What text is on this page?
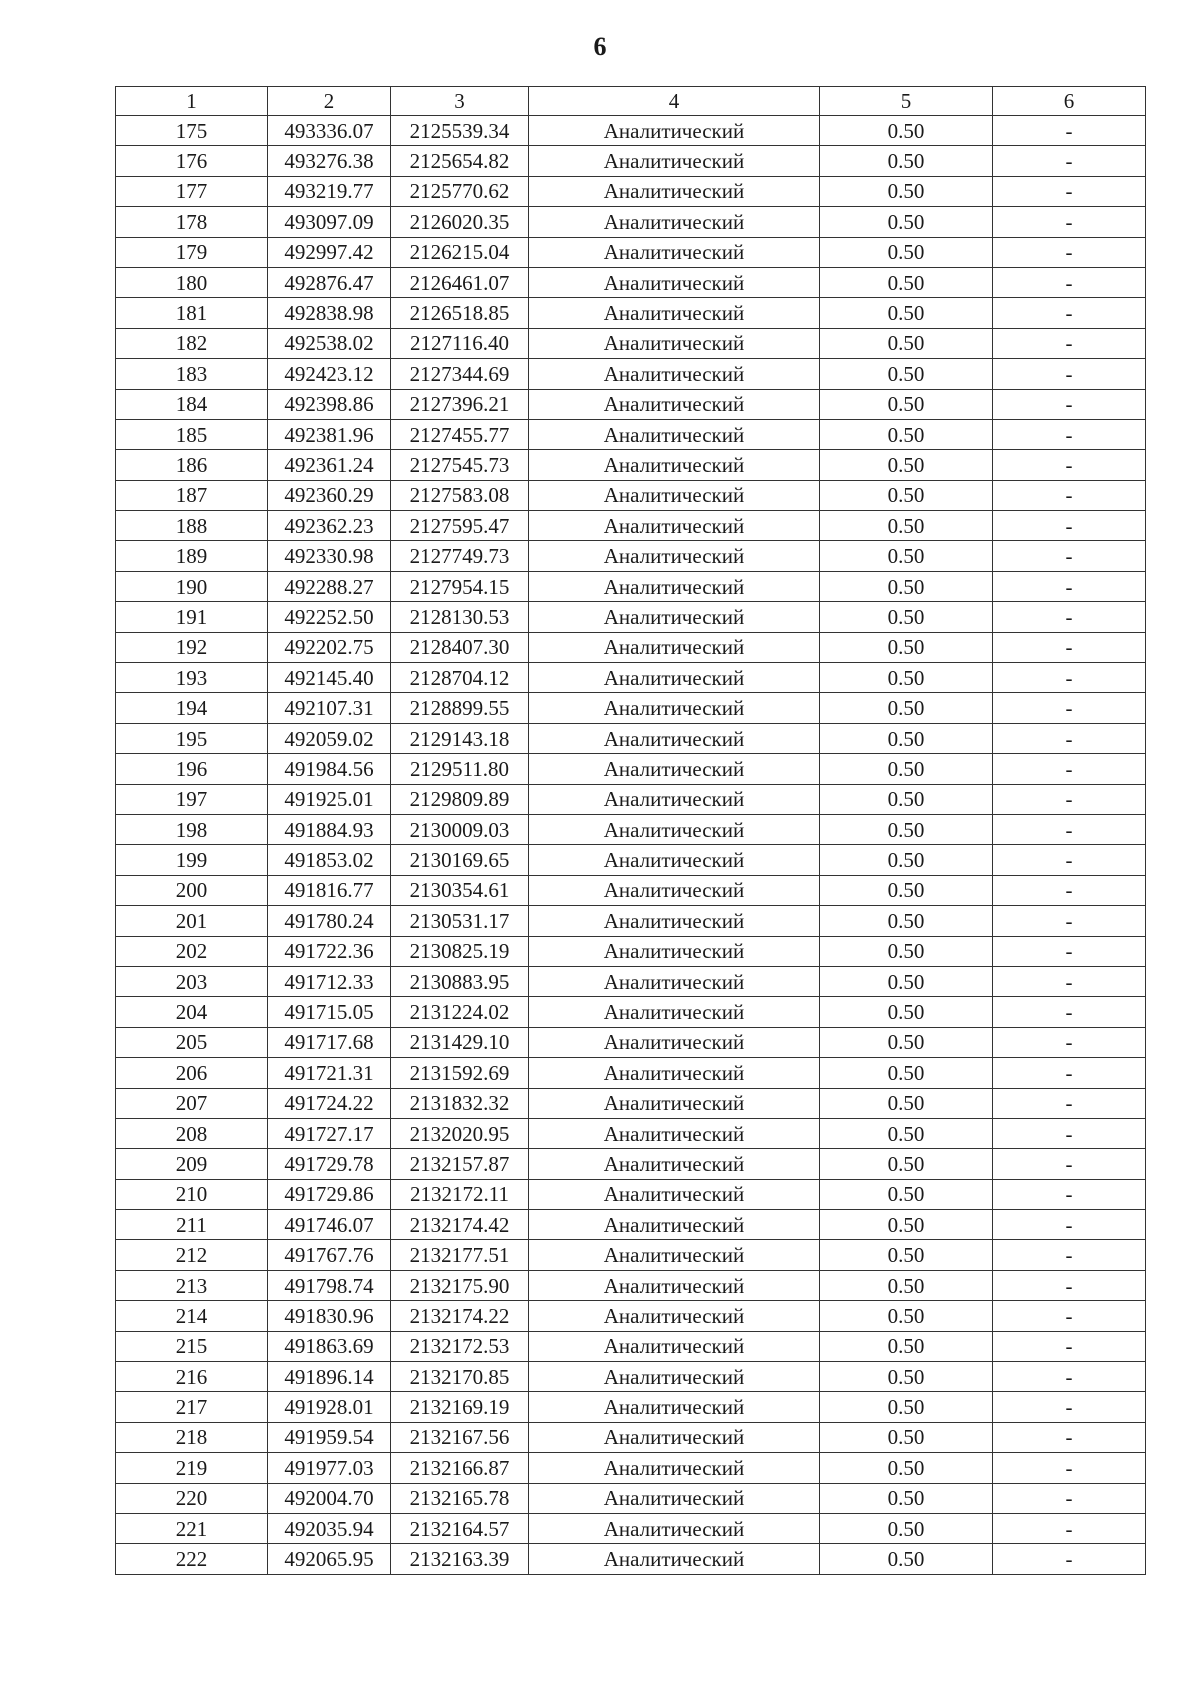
6
1	2	3	4	5	6
175	493336.07	2125539.34	Аналитический	0.50	-
176	493276.38	2125654.82	Аналитический	0.50	-
177	493219.77	2125770.62	Аналитический	0.50	-
178	493097.09	2126020.35	Аналитический	0.50	-
179	492997.42	2126215.04	Аналитический	0.50	-
180	492876.47	2126461.07	Аналитический	0.50	-
181	492838.98	2126518.85	Аналитический	0.50	-
182	492538.02	2127116.40	Аналитический	0.50	-
183	492423.12	2127344.69	Аналитический	0.50	-
184	492398.86	2127396.21	Аналитический	0.50	-
185	492381.96	2127455.77	Аналитический	0.50	-
186	492361.24	2127545.73	Аналитический	0.50	-
187	492360.29	2127583.08	Аналитический	0.50	-
188	492362.23	2127595.47	Аналитический	0.50	-
189	492330.98	2127749.73	Аналитический	0.50	-
190	492288.27	2127954.15	Аналитический	0.50	-
191	492252.50	2128130.53	Аналитический	0.50	-
192	492202.75	2128407.30	Аналитический	0.50	-
193	492145.40	2128704.12	Аналитический	0.50	-
194	492107.31	2128899.55	Аналитический	0.50	-
195	492059.02	2129143.18	Аналитический	0.50	-
196	491984.56	2129511.80	Аналитический	0.50	-
197	491925.01	2129809.89	Аналитический	0.50	-
198	491884.93	2130009.03	Аналитический	0.50	-
199	491853.02	2130169.65	Аналитический	0.50	-
200	491816.77	2130354.61	Аналитический	0.50	-
201	491780.24	2130531.17	Аналитический	0.50	-
202	491722.36	2130825.19	Аналитический	0.50	-
203	491712.33	2130883.95	Аналитический	0.50	-
204	491715.05	2131224.02	Аналитический	0.50	-
205	491717.68	2131429.10	Аналитический	0.50	-
206	491721.31	2131592.69	Аналитический	0.50	-
207	491724.22	2131832.32	Аналитический	0.50	-
208	491727.17	2132020.95	Аналитический	0.50	-
209	491729.78	2132157.87	Аналитический	0.50	-
210	491729.86	2132172.11	Аналитический	0.50	-
211	491746.07	2132174.42	Аналитический	0.50	-
212	491767.76	2132177.51	Аналитический	0.50	-
213	491798.74	2132175.90	Аналитический	0.50	-
214	491830.96	2132174.22	Аналитический	0.50	-
215	491863.69	2132172.53	Аналитический	0.50	-
216	491896.14	2132170.85	Аналитический	0.50	-
217	491928.01	2132169.19	Аналитический	0.50	-
218	491959.54	2132167.56	Аналитический	0.50	-
219	491977.03	2132166.87	Аналитический	0.50	-
220	492004.70	2132165.78	Аналитический	0.50	-
221	492035.94	2132164.57	Аналитический	0.50	-
222	492065.95	2132163.39	Аналитический	0.50	-
